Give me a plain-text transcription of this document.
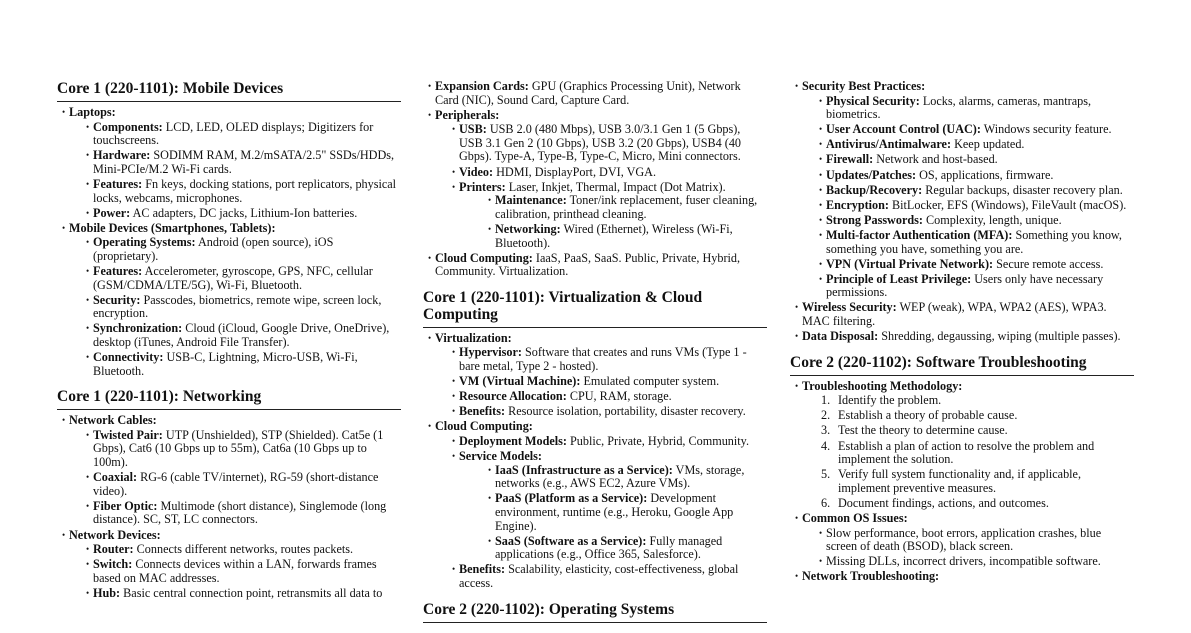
Core 1 (220-1101): Mobile Devices
• Laptops:
• Components: LCD, LED, OLED displays; Digitizers for touchscreens.
• Hardware: SODIMM RAM, M.2/mSATA/2.5" SSDs/HDDs, Mini-PCIe/M.2 Wi-Fi cards.
• Features: Fn keys, docking stations, port replicators, physical locks, webcams, microphones.
• Power: AC adapters, DC jacks, Lithium-Ion batteries.
• Mobile Devices (Smartphones, Tablets):
• Operating Systems: Android (open source), iOS (proprietary).
• Features: Accelerometer, gyroscope, GPS, NFC, cellular (GSM/CDMA/LTE/5G), Wi-Fi, Bluetooth.
• Security: Passcodes, biometrics, remote wipe, screen lock, encryption.
• Synchronization: Cloud (iCloud, Google Drive, OneDrive), desktop (iTunes, Android File Transfer).
• Connectivity: USB-C, Lightning, Micro-USB, Wi-Fi, Bluetooth.
Core 1 (220-1101): Networking
• Network Cables:
• Twisted Pair: UTP (Unshielded), STP (Shielded). Cat5e (1 Gbps), Cat6 (10 Gbps up to 55m), Cat6a (10 Gbps up to 100m).
• Coaxial: RG-6 (cable TV/internet), RG-59 (short-distance video).
• Fiber Optic: Multimode (short distance), Singlemode (long distance). SC, ST, LC connectors.
• Network Devices:
• Router: Connects different networks, routes packets.
• Switch: Connects devices within a LAN, forwards frames based on MAC addresses.
• Hub: Basic central connection point, retransmits all data to
• Expansion Cards: GPU (Graphics Processing Unit), Network Card (NIC), Sound Card, Capture Card.
• Peripherals:
• USB: USB 2.0 (480 Mbps), USB 3.0/3.1 Gen 1 (5 Gbps), USB 3.1 Gen 2 (10 Gbps), USB 3.2 (20 Gbps), USB4 (40 Gbps). Type-A, Type-B, Type-C, Micro, Mini connectors.
• Video: HDMI, DisplayPort, DVI, VGA.
• Printers: Laser, Inkjet, Thermal, Impact (Dot Matrix).
• Maintenance: Toner/ink replacement, fuser cleaning, calibration, printhead cleaning.
• Networking: Wired (Ethernet), Wireless (Wi-Fi, Bluetooth).
• Cloud Computing: IaaS, PaaS, SaaS. Public, Private, Hybrid, Community. Virtualization.
Core 1 (220-1101): Virtualization & Cloud Computing
• Virtualization:
• Hypervisor: Software that creates and runs VMs (Type 1 - bare metal, Type 2 - hosted).
• VM (Virtual Machine): Emulated computer system.
• Resource Allocation: CPU, RAM, storage.
• Benefits: Resource isolation, portability, disaster recovery.
• Cloud Computing:
• Deployment Models: Public, Private, Hybrid, Community.
• Service Models:
• IaaS (Infrastructure as a Service): VMs, storage, networks (e.g., AWS EC2, Azure VMs).
• PaaS (Platform as a Service): Development environment, runtime (e.g., Heroku, Google App Engine).
• SaaS (Software as a Service): Fully managed applications (e.g., Office 365, Salesforce).
• Benefits: Scalability, elasticity, cost-effectiveness, global access.
Core 2 (220-1102): Operating Systems
• Security Best Practices:
• Physical Security: Locks, alarms, cameras, mantraps, biometrics.
• User Account Control (UAC): Windows security feature.
• Antivirus/Antimalware: Keep updated.
• Firewall: Network and host-based.
• Updates/Patches: OS, applications, firmware.
• Backup/Recovery: Regular backups, disaster recovery plan.
• Encryption: BitLocker, EFS (Windows), FileVault (macOS).
• Strong Passwords: Complexity, length, unique.
• Multi-factor Authentication (MFA): Something you know, something you have, something you are.
• VPN (Virtual Private Network): Secure remote access.
• Principle of Least Privilege: Users only have necessary permissions.
• Wireless Security: WEP (weak), WPA, WPA2 (AES), WPA3. MAC filtering.
• Data Disposal: Shredding, degaussing, wiping (multiple passes).
Core 2 (220-1102): Software Troubleshooting
• Troubleshooting Methodology:
1. Identify the problem.
2. Establish a theory of probable cause.
3. Test the theory to determine cause.
4. Establish a plan of action to resolve the problem and implement the solution.
5. Verify full system functionality and, if applicable, implement preventive measures.
6. Document findings, actions, and outcomes.
• Common OS Issues:
• Slow performance, boot errors, application crashes, blue screen of death (BSOD), black screen.
• Missing DLLs, incorrect drivers, incompatible software.
• Network Troubleshooting:
